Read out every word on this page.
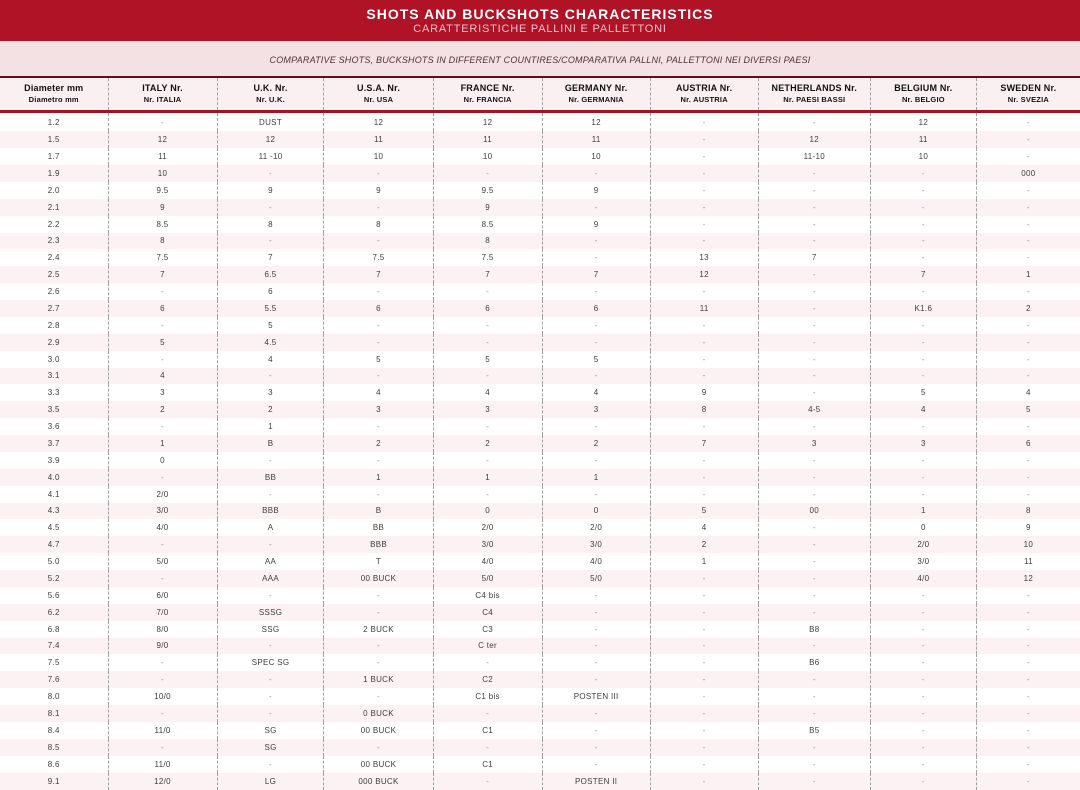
SHOTS AND BUCKSHOTS CHARACTERISTICS
CARATTERISTICHE PALLINI E PALLETTONI
COMPARATIVE SHOTS, BUCKSHOTS IN DIFFERENT COUNTIRES/COMPARATIVA PALLNI, PALLETTONI NEI DIVERSI PAESI
Diameter mm
Diametro mm

ITALY Nr.
Nr. ITALIA

U.K. Nr.
Nr. U.K.

U.S.A. Nr.
Nr. USA

FRANCE Nr.
Nr. FRANCIA

GERMANY Nr.
Nr. GERMANIA

AUSTRIA Nr.
Nr. AUSTRIA

NETHERLANDS Nr.
Nr. PAESI BASSI

BELGIUM Nr.
Nr. BELGIO

SWEDEN Nr.
Nr. SVEZIA

1.2	-	DUST	12	12	12	-	-	12	-
1.5	12	12	11	11	11	-	12	11	-
1.7	11	11 -10	10	10	10	-	11-10	10	-
1.9	10	-	-	-	-	-	-	-	000
2.0	9.5	9	9	9.5	9	-	-	-	-
2.1	9	-	-	9	-	-	-	-	-
2.2	8.5	8	8	8.5	9	-	-	-	-
2.3	8	-	-	8	-	-	-	-	-
2.4	7.5	7	7.5	7.5	-	13	7	-	-
2.5	7	6.5	7	7	7	12	-	7	1
2.6	-	6	-	-	-	-	-	-	-
2.7	6	5.5	6	6	6	11	-	K1.6	2
2.8	-	5	-	-	-	-	-	-	-
2.9	5	4.5	-	-	-	-	-	-	-
3.0	-	4	5	5	5	-	-	-	-
3.1	4	-	-	-	-	-	-	-	-
3.3	3	3	4	4	4	9	-	5	4
3.5	2	2	3	3	3	8	4-5	4	5
3.6	-	1	-	-	-	-	-	-	-
3.7	1	B	2	2	2	7	3	3	6
3.9	0	-	-	-	-	-	-	-	-
4.0	-	BB	1	1	1	-	-	-	-
4.1	2/0	-	-	-	-	-	-	-	-
4.3	3/0	BBB	B	0	0	5	00	1	8
4.5	4/0	A	BB	2/0	2/0	4	-	0	9
4.7	-	-	BBB	3/0	3/0	2	-	2/0	10
5.0	5/0	AA	T	4/0	4/0	1	-	3/0	11
5.2	-	AAA	00 BUCK	5/0	5/0	-	-	4/0	12
5.6	6/0	-	-	C4 bis	-	-	-	-	-
6.2	7/0	SSSG	-	C4	-	-	-	-	-
6.8	8/0	SSG	2 BUCK	C3	-	-	B8	-	-
7.4	9/0	-	-	C ter	-	-	-	-	-
7.5	-	SPEC SG	-	-	-	-	B6	-	-
7.6	-	-	1 BUCK	C2	-	-	-	-	-
8.0	10/0	-	-	C1 bis	POSTEN III	-	-	-	-
8.1	-	-	0 BUCK	-	-	-	-	-	-
8.4	11/0	SG	00 BUCK	C1	-	-	B5	-	-
8.5	-	SG	-	-	-	-	-	-	-
8.6	11/0	-	00 BUCK	C1	-	-	-	-	-
9.1	12/0	LG	000 BUCK	-	POSTEN II	-	-	-	-
